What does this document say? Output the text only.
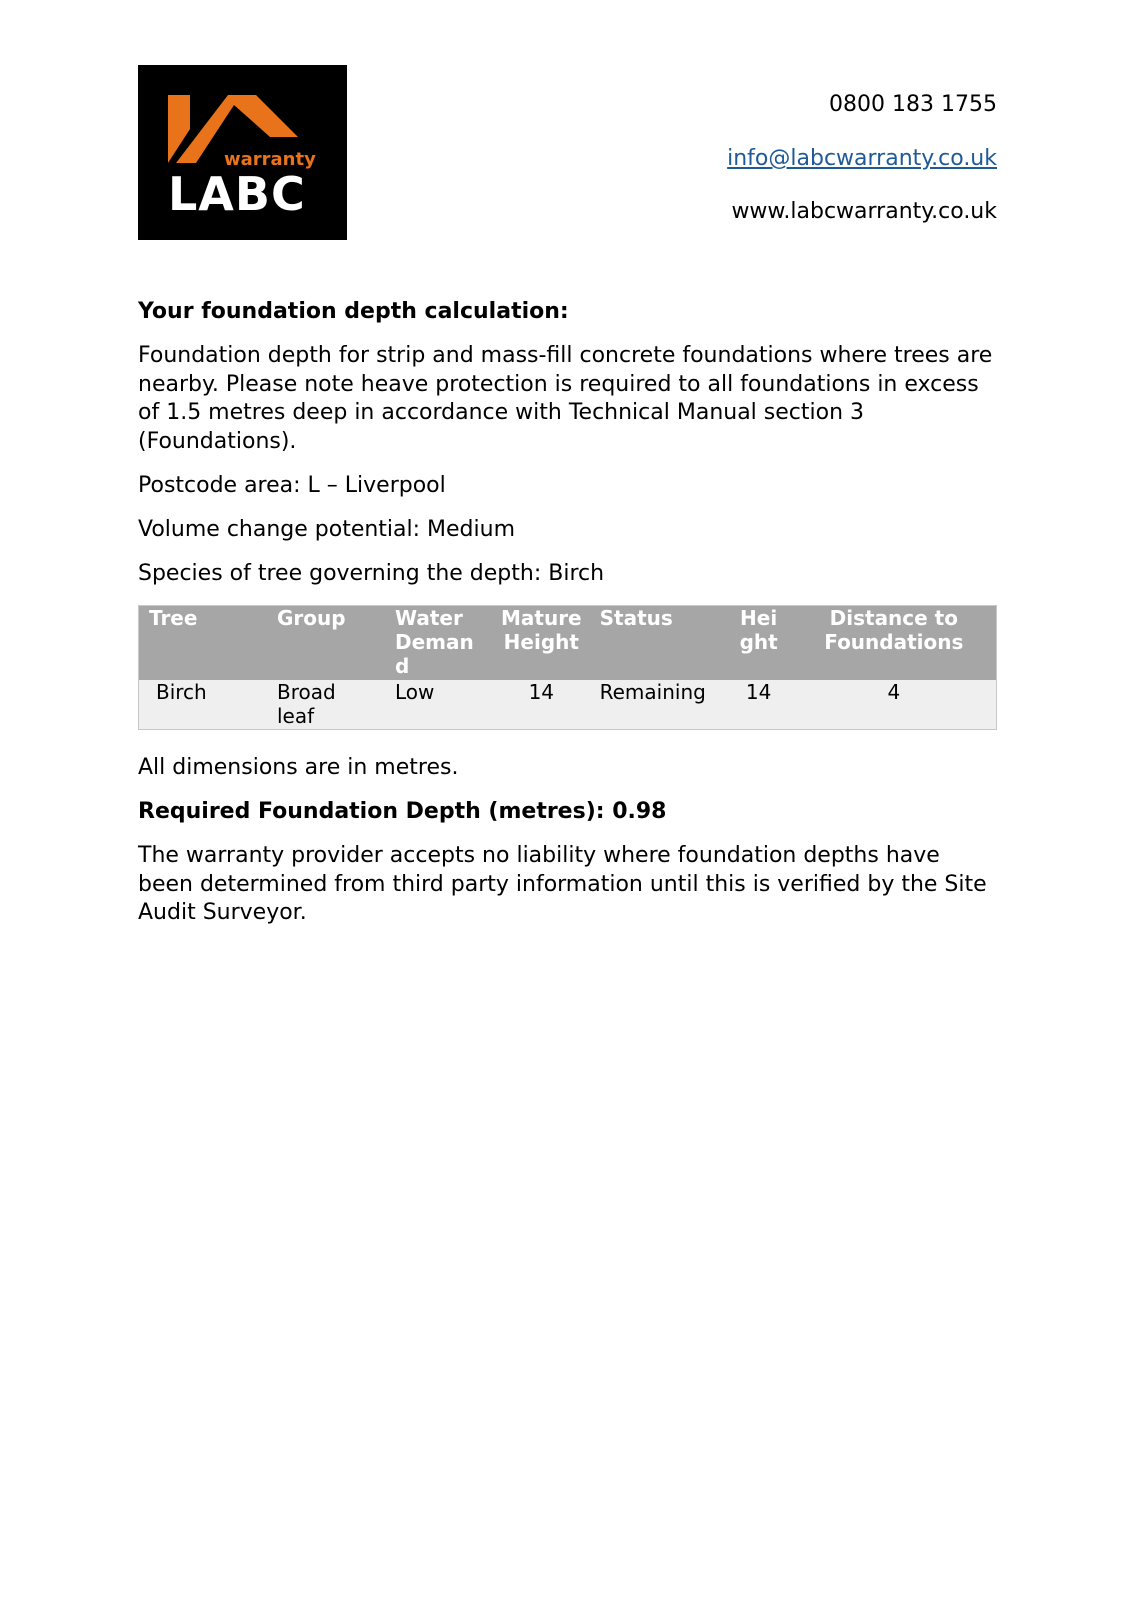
warranty
LABC
0800 183 1755
info@labcwarranty.co.uk
www.labcwarranty.co.uk
Your foundation depth calculation:
Foundation depth for strip and mass-fill concrete foundations where trees are nearby. Please note heave protection is required to all foundations in excess of 1.5 metres deep in accordance with Technical Manual section 3 (Foundations).
Postcode area: L – Liverpool
Volume change potential: Medium
Species of tree governing the depth: Birch
Tree	Group	Water Demand	Mature Height	Status	Height	Distance to Foundations
Birch	Broad leaf	Low	14	Remaining	14	4
All dimensions are in metres.
Required Foundation Depth (metres): 0.98
The warranty provider accepts no liability where foundation depths have been determined from third party information until this is verified by the Site Audit Surveyor.
